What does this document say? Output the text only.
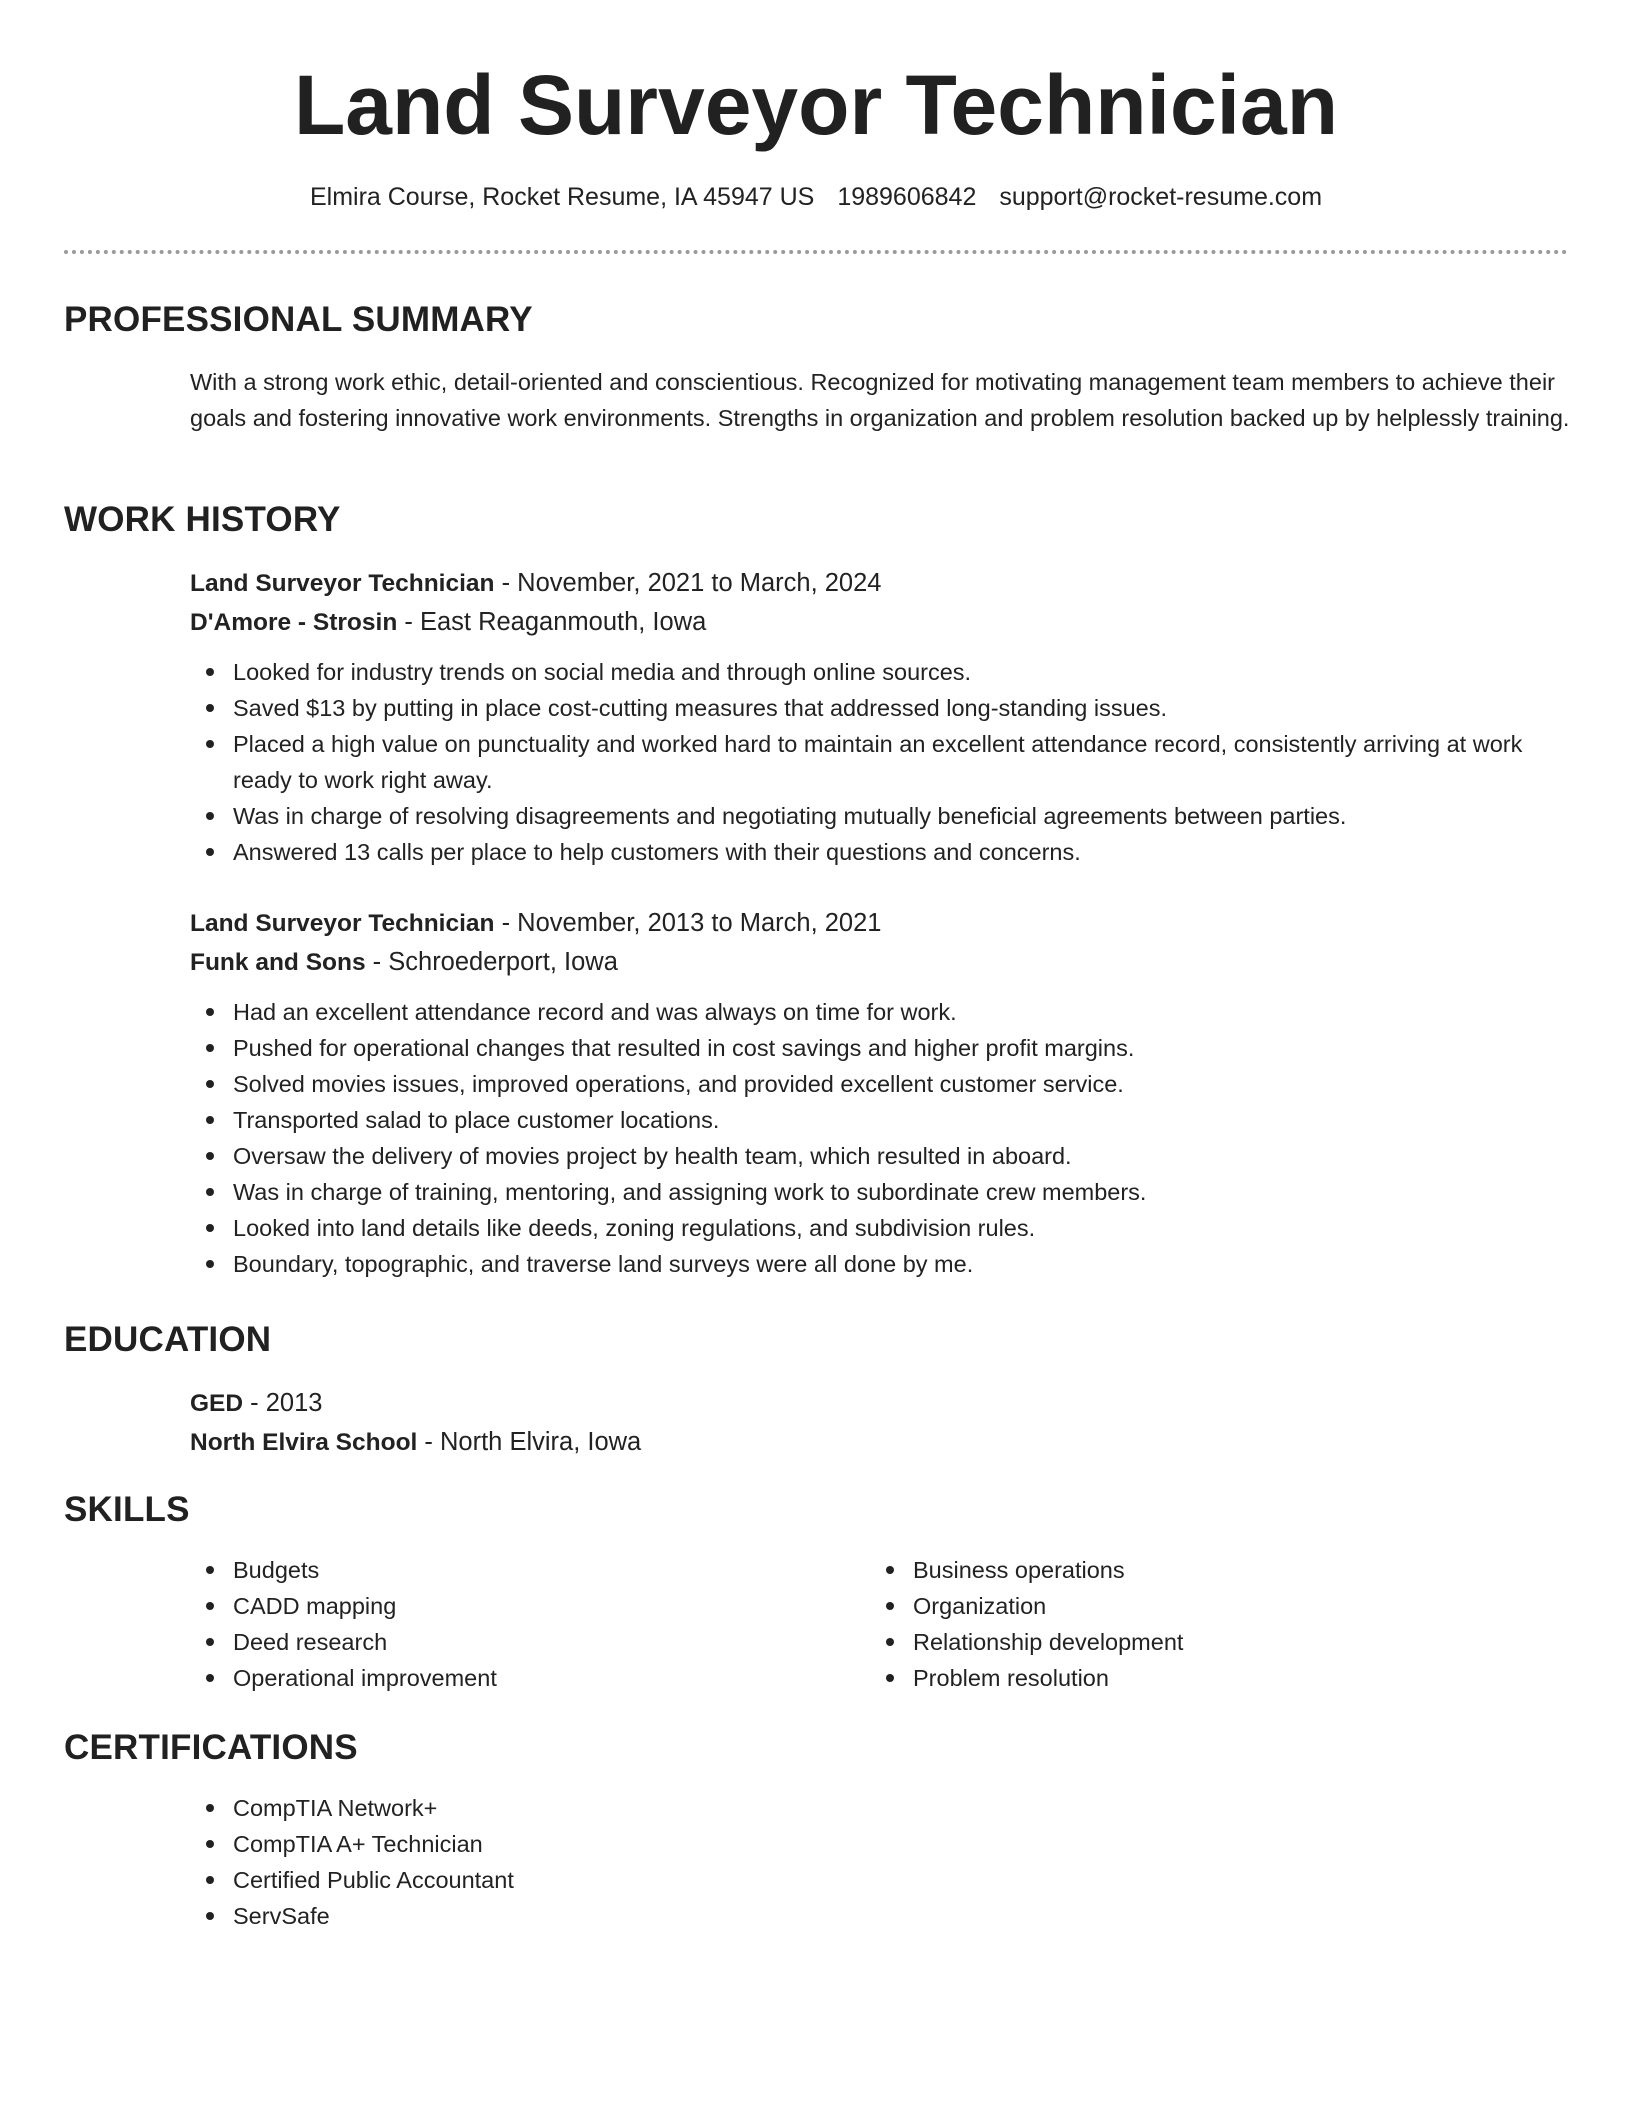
Land Surveyor Technician
Elmira Course, Rocket Resume, IA 45947 US 1989606842 support@rocket-resume.com
PROFESSIONAL SUMMARY

With a strong work ethic, detail-oriented and conscientious. Recognized for motivating management team members to achieve their goals and fostering innovative work environments. Strengths in organization and problem resolution backed up by helplessly training.

WORK HISTORY

Land Surveyor Technician - November, 2021 to March, 2024

D'Amore - Strosin - East Reaganmouth, Iowa

Looked for industry trends on social media and through online sources.
Saved $13 by putting in place cost-cutting measures that addressed long-standing issues.
Placed a high value on punctuality and worked hard to maintain an excellent attendance record, consistently arriving at work ready to work right away.
Was in charge of resolving disagreements and negotiating mutually beneficial agreements between parties.
Answered 13 calls per place to help customers with their questions and concerns.

Land Surveyor Technician - November, 2013 to March, 2021

Funk and Sons - Schroederport, Iowa

Had an excellent attendance record and was always on time for work.
Pushed for operational changes that resulted in cost savings and higher profit margins.
Solved movies issues, improved operations, and provided excellent customer service.
Transported salad to place customer locations.
Oversaw the delivery of movies project by health team, which resulted in aboard.
Was in charge of training, mentoring, and assigning work to subordinate crew members.
Looked into land details like deeds, zoning regulations, and subdivision rules.
Boundary, topographic, and traverse land surveys were all done by me.
EDUCATION

GED - 2013

North Elvira School - North Elvira, Iowa

SKILLS
Budgets
CADD mapping
Deed research
Operational improvement
Business operations
Organization
Relationship development
Problem resolution
CERTIFICATIONS
CompTIA Network+
CompTIA A+ Technician
Certified Public Accountant
ServSafe
